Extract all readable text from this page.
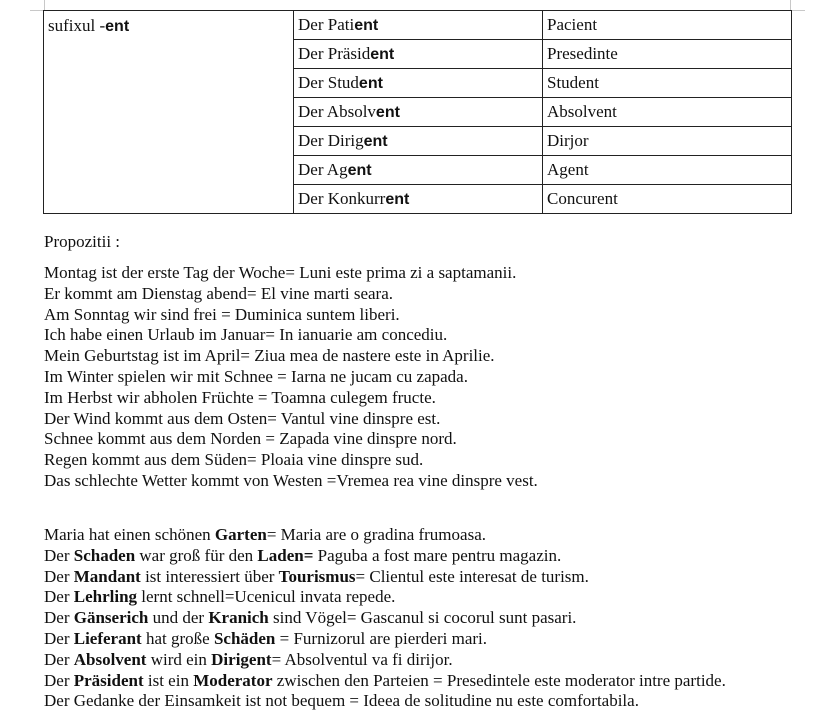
sufixul -ent	Der Patient	Pacient
	Der Präsident	Presedinte
	Der Student	Student
	Der Absolvent	Absolvent
	Der Dirigent	Dirjor
	Der Agent	Agent
	Der Konkurrent	Concurent
Propozitii :
Montag ist der erste Tag der Woche= Luni este prima zi a saptamanii.
Er kommt am Dienstag abend= El vine marti seara.
Am Sonntag wir sind frei = Duminica suntem liberi.
Ich habe einen Urlaub im Januar= In ianuarie am concediu.
Mein Geburtstag ist im April= Ziua mea de nastere este in Aprilie.
Im Winter spielen wir mit Schnee = Iarna ne jucam cu zapada.
Im Herbst wir abholen Früchte = Toamna culegem fructe.
Der Wind kommt aus dem Osten= Vantul vine dinspre est.
Schnee kommt aus dem Norden = Zapada vine dinspre nord.
Regen kommt aus dem Süden= Ploaia vine dinspre sud.
Das schlechte Wetter kommt von Westen =Vremea rea vine dinspre vest.
Maria hat einen schönen Garten= Maria are o gradina frumoasa.
Der Schaden war groß für den Laden= Paguba a fost mare pentru magazin.
Der Mandant ist interessiert über Tourismus= Clientul este interesat de turism.
Der Lehrling lernt schnell=Ucenicul invata repede.
Der Gänserich und der Kranich sind Vögel= Gascanul si cocorul sunt pasari.
Der Lieferant hat große Schäden = Furnizorul are pierderi mari.
Der Absolvent wird ein Dirigent= Absolventul va fi dirijor.
Der Präsident ist ein Moderator zwischen den Parteien = Presedintele este moderator intre partide.
Der Gedanke der Einsamkeit ist not bequem = Ideea de solitudine nu este comfortabila.
